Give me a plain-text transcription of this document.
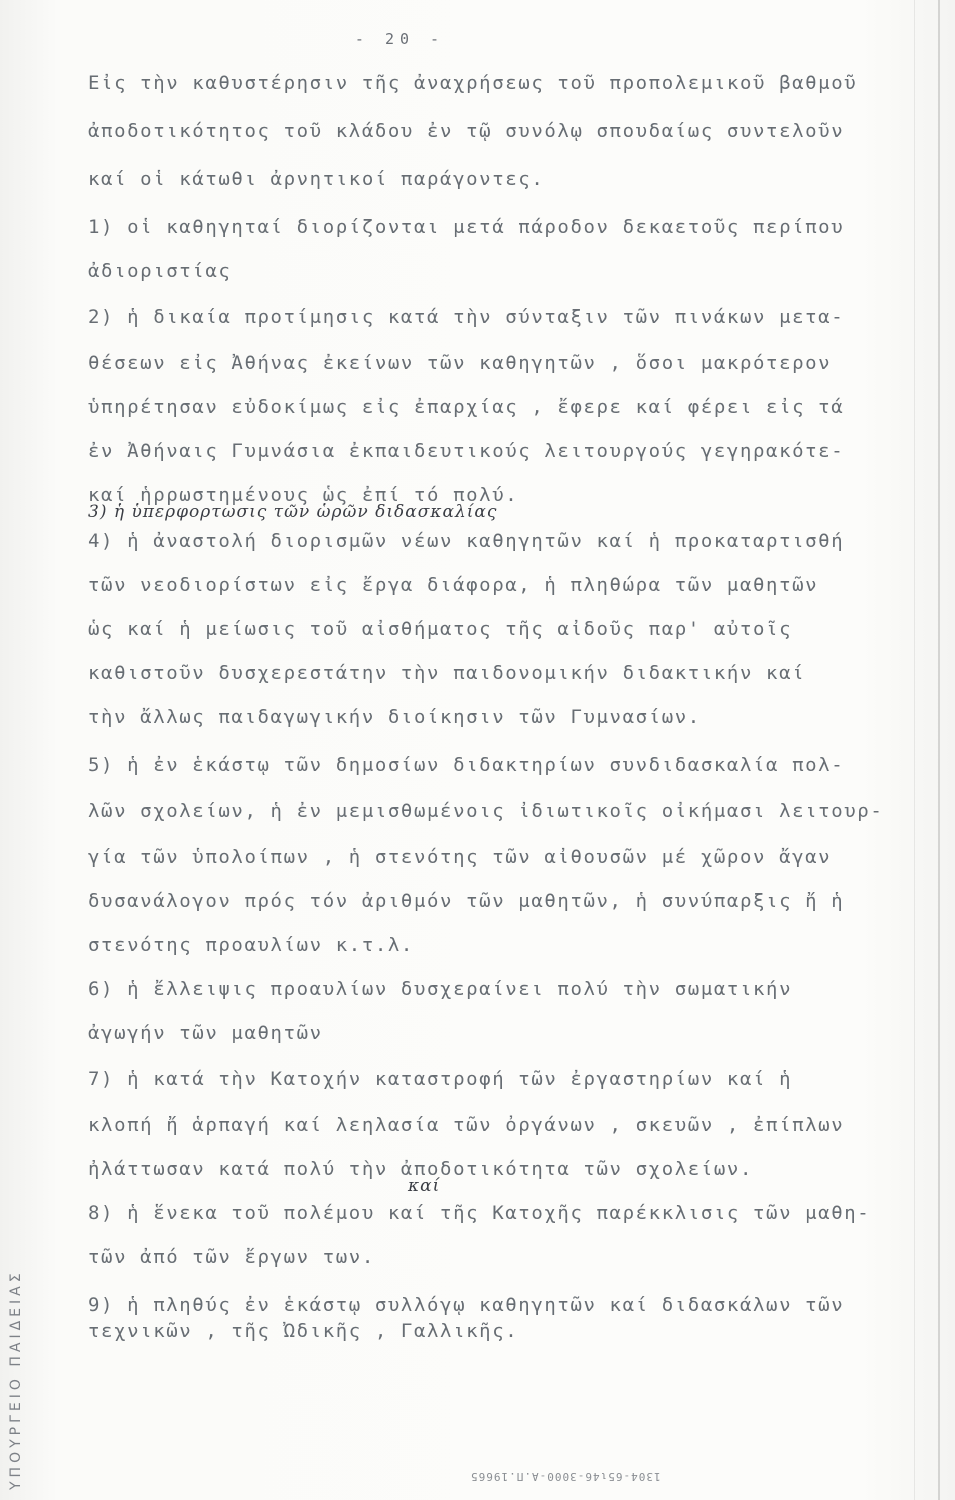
- 20 -
Εἰς τὴν καθυστέρησιν τῆς ἀναχρήσεως τοῦ προπολεμικοῦ βαθμοῦ
ἀποδοτικότητος τοῦ κλάδου ἐν τῷ συνόλῳ σπουδαίως συντελοῦν
καί οἱ κάτωθι ἀρνητικοί παράγοντες.
1) οἱ καθηγηταί διορίζονται μετά πάροδον δεκαετοῦς περίπου
ἀδιοριστίας
2) ἡ δικαία προτίμησις κατά τὴν σύνταξιν τῶν πινάκων μετα-
θέσεων εἰς Ἀθήνας ἐκείνων τῶν καθηγητῶν , ὅσοι μακρότερον
ὑπηρέτησαν εὐδοκίμως εἰς ἐπαρχίας , ἔφερε καί φέρει εἰς τά
ἐν Ἀθήναις Γυμνάσια ἐκπαιδευτικούς λειτουργούς γεγηρακότε-
καί ἡρρωστημένους ὡς ἐπί τό πολύ.
3) ἡ ὑπερφορτωσις τῶν ὡρῶν διδασκαλίας
4) ἡ ἀναστολή διορισμῶν νέων καθηγητῶν καί ἡ προκαταρτισθή
τῶν νεοδιορίστων εἰς ἔργα διάφορα, ἡ πληθώρα τῶν μαθητῶν
ὡς καί ἡ μείωσις τοῦ αἰσθήματος τῆς αἰδοῦς παρ' αὐτοῖς
καθιστοῦν δυσχερεστάτην τὴν παιδονομικήν διδακτικήν καί
τὴν ἄλλως παιδαγωγικήν διοίκησιν τῶν Γυμνασίων.
5) ἡ ἐν ἑκάστῳ τῶν δημοσίων διδακτηρίων συνδιδασκαλία πολ-
λῶν σχολείων, ἡ ἐν μεμισθωμένοις ἰδιωτικοῖς οἰκήμασι λειτουρ-
γία τῶν ὑπολοίπων , ἡ στενότης τῶν αἰθουσῶν μέ χῶρον ἄγαν
δυσανάλογον πρός τόν ἀριθμόν τῶν μαθητῶν, ἡ συνύπαρξις ἤ ἡ
στενότης προαυλίων κ.τ.λ.
6) ἡ ἔλλειψις προαυλίων δυσχεραίνει πολύ τὴν σωματικήν
ἀγωγήν τῶν μαθητῶν
7) ἡ κατά τὴν Κατοχήν καταστροφή τῶν ἐργαστηρίων καί ἡ
κλοπή ἤ ἁρπαγή καί λεηλασία τῶν ὀργάνων , σκευῶν , ἐπίπλων
ἠλάττωσαν κατά πολύ τὴν ἀποδοτικότητα τῶν σχολείων.
καί
8) ἡ ἕνεκα τοῦ πολέμου καί τῆς Κατοχῆς παρέκκλισις τῶν μαθη-
τῶν ἀπό τῶν ἔργων των.
9) ἡ πληθύς ἐν ἑκάστῳ συλλόγῳ καθηγητῶν καί διδασκάλων τῶν
τεχνικῶν , τῆς Ὠδικῆς , Γαλλικῆς.
ΥΠΟΥΡΓΕΙΟ ΠΑΙΔΕΙΑΣ	1304-65ι46-3000-Α.Π.19665
